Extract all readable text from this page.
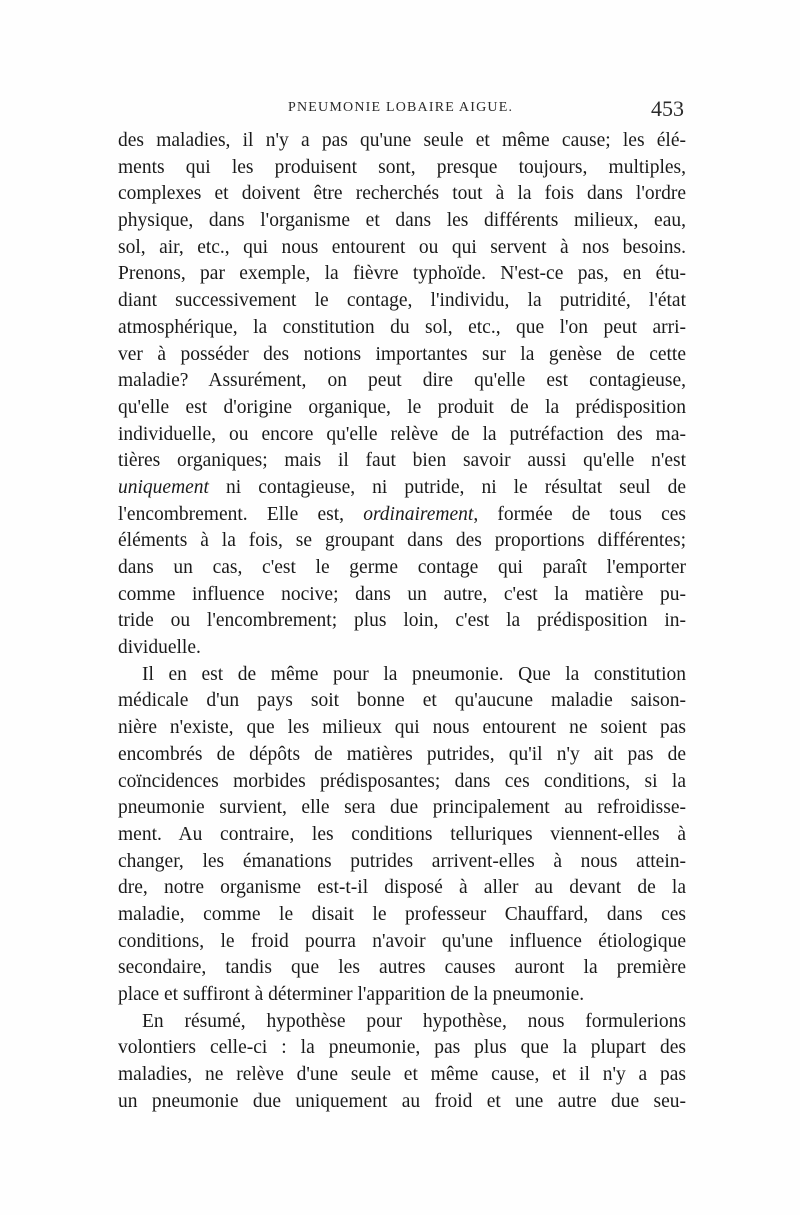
PNEUMONIE LOBAIRE AIGUE.	453
des maladies, il n'y a pas qu'une seule et même cause; les élé-
ments qui les produisent sont, presque toujours, multiples,
complexes et doivent être recherchés tout à la fois dans l'ordre
physique, dans l'organisme et dans les différents milieux, eau,
sol, air, etc., qui nous entourent ou qui servent à nos besoins.
Prenons, par exemple, la fièvre typhoïde. N'est-ce pas, en étu-
diant successivement le contage, l'individu, la putridité, l'état
atmosphérique, la constitution du sol, etc., que l'on peut arri-
ver à posséder des notions importantes sur la genèse de cette
maladie? Assurément, on peut dire qu'elle est contagieuse,
qu'elle est d'origine organique, le produit de la prédisposition
individuelle, ou encore qu'elle relève de la putréfaction des ma-
tières organiques; mais il faut bien savoir aussi qu'elle n'est
uniquement ni contagieuse, ni putride, ni le résultat seul de
l'encombrement. Elle est, ordinairement, formée de tous ces
éléments à la fois, se groupant dans des proportions différentes;
dans un cas, c'est le germe contage qui paraît l'emporter
comme influence nocive; dans un autre, c'est la matière pu-
tride ou l'encombrement; plus loin, c'est la prédisposition in-
dividuelle.
Il en est de même pour la pneumonie. Que la constitution
médicale d'un pays soit bonne et qu'aucune maladie saison-
nière n'existe, que les milieux qui nous entourent ne soient pas
encombrés de dépôts de matières putrides, qu'il n'y ait pas de
coïncidences morbides prédisposantes; dans ces conditions, si la
pneumonie survient, elle sera due principalement au refroidisse-
ment. Au contraire, les conditions telluriques viennent-elles à
changer, les émanations putrides arrivent-elles à nous attein-
dre, notre organisme est-t-il disposé à aller au devant de la
maladie, comme le disait le professeur Chauffard, dans ces
conditions, le froid pourra n'avoir qu'une influence étiologique
secondaire, tandis que les autres causes auront la première
place et suffiront à déterminer l'apparition de la pneumonie.
En résumé, hypothèse pour hypothèse, nous formulerions
volontiers celle-ci : la pneumonie, pas plus que la plupart des
maladies, ne relève d'une seule et même cause, et il n'y a pas
un pneumonie due uniquement au froid et une autre due seu-
